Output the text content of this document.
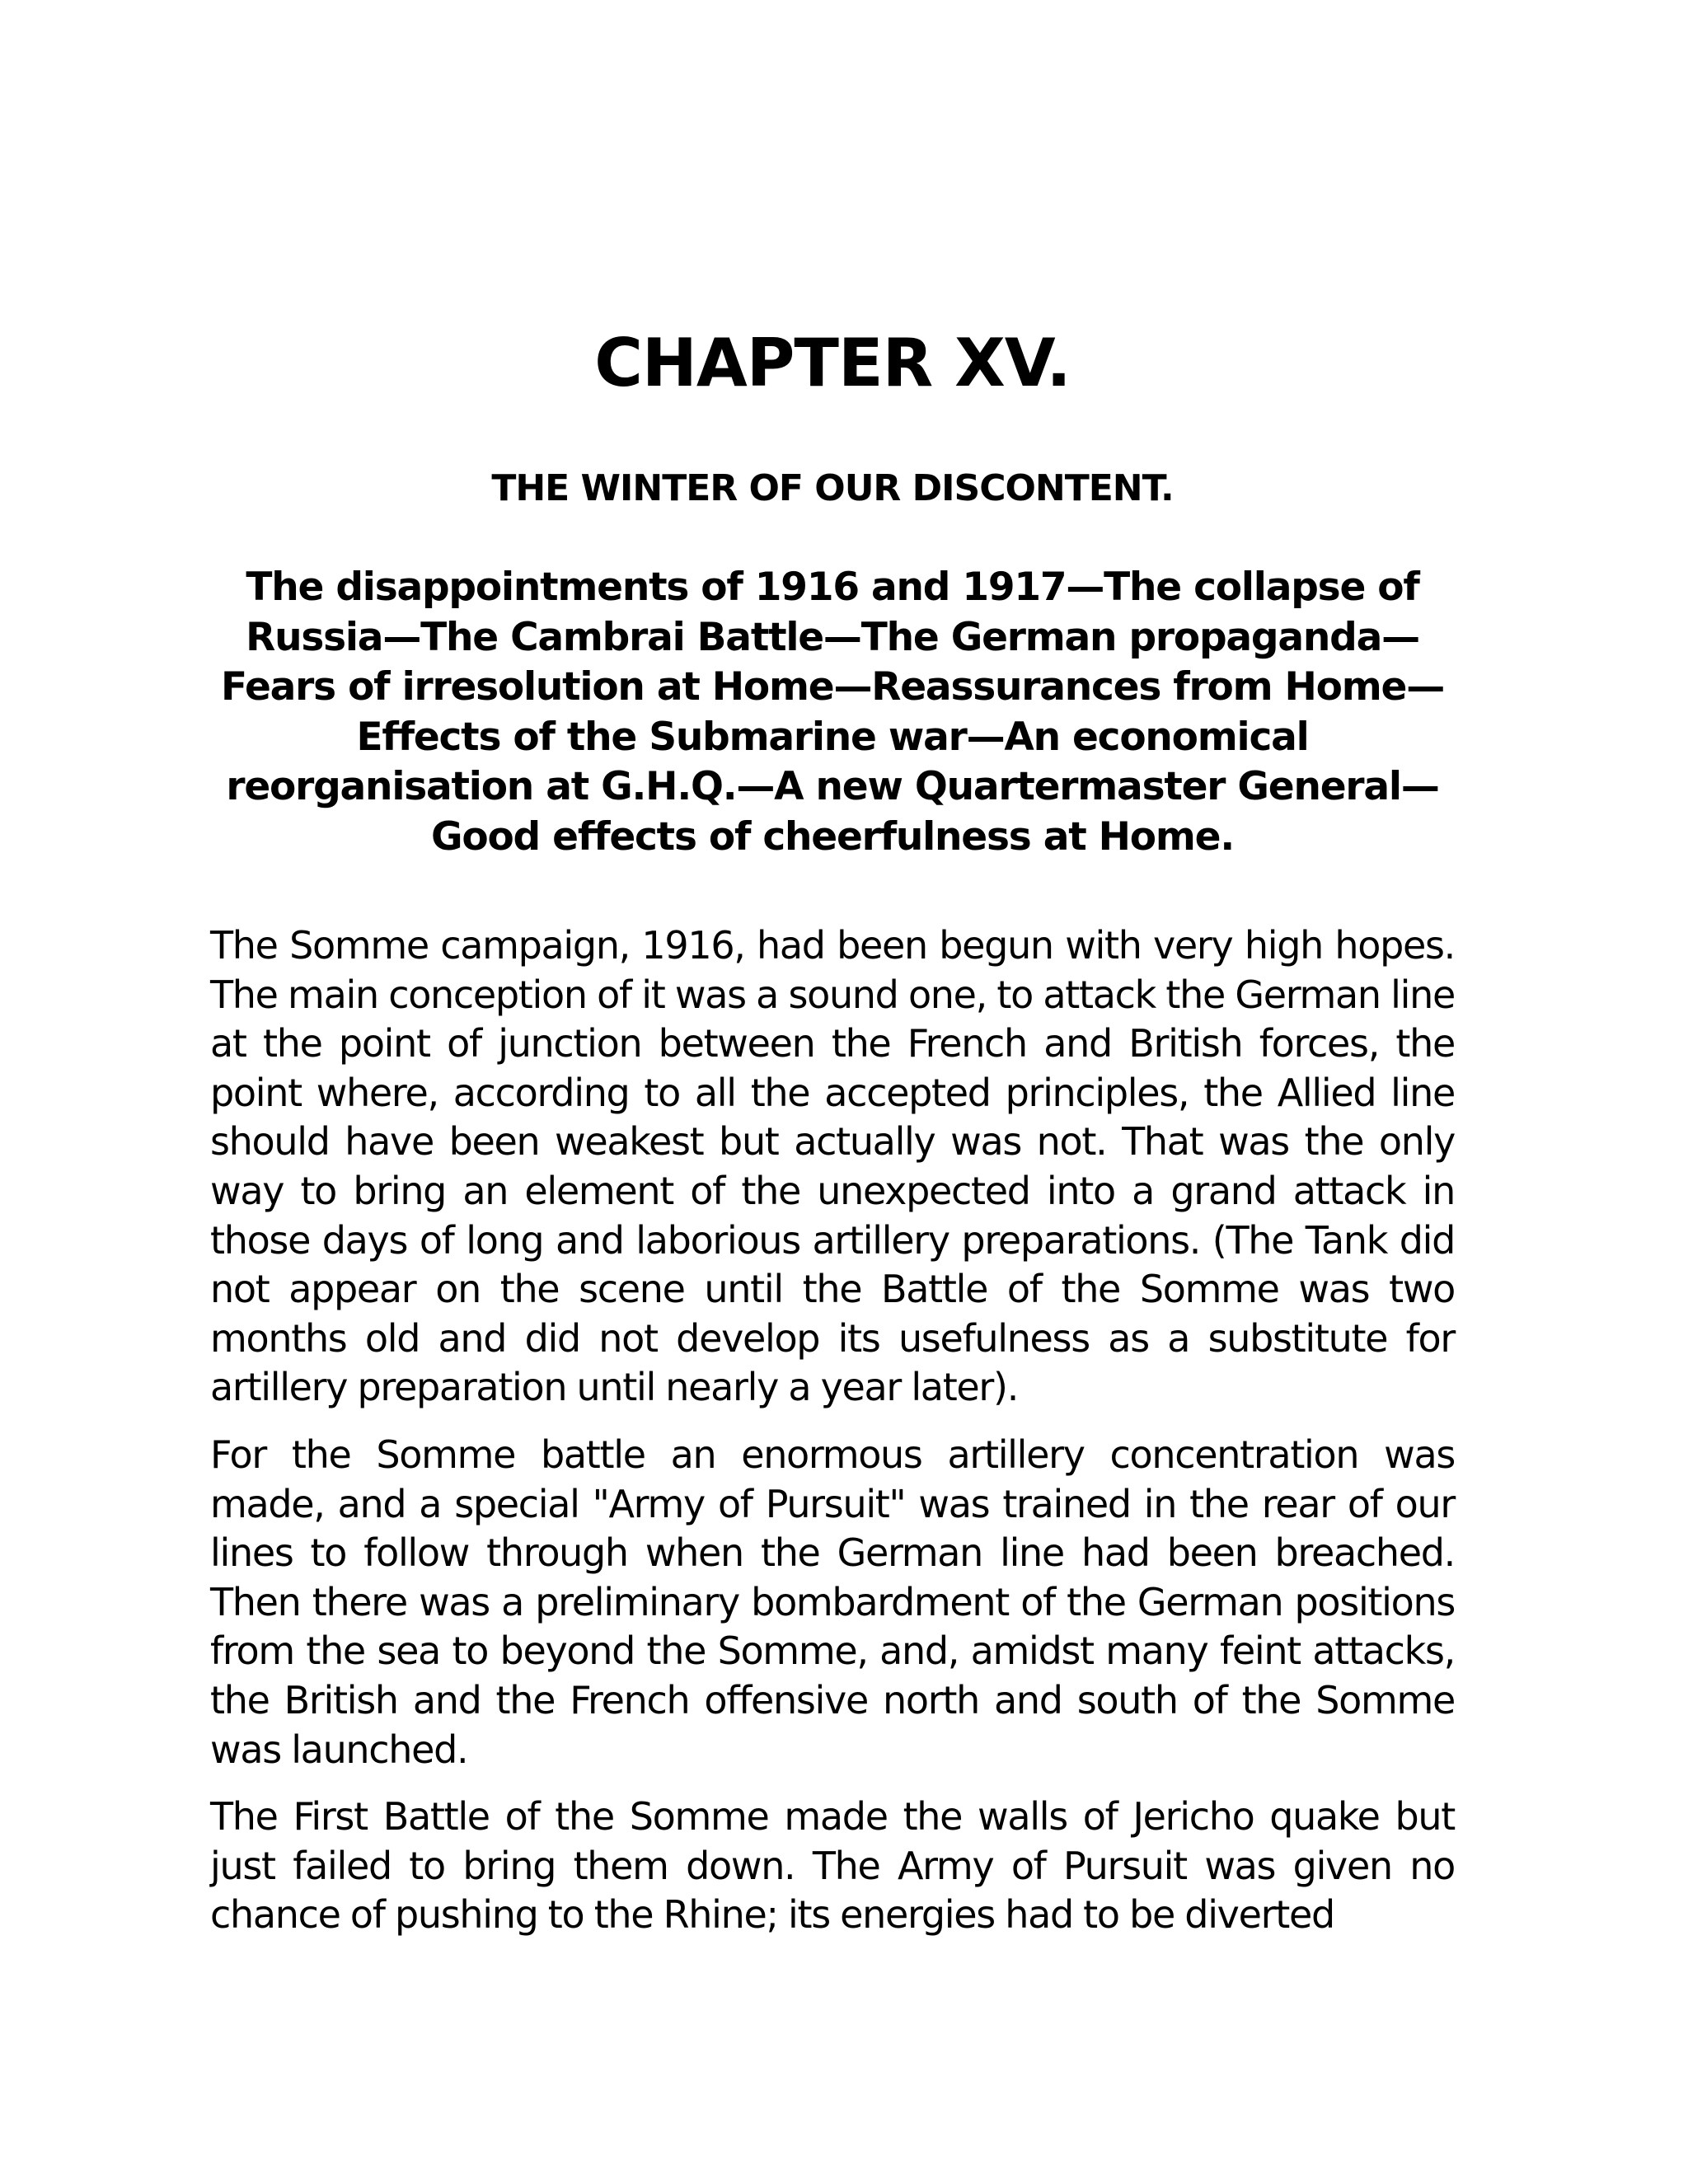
CHAPTER XV.
THE WINTER OF OUR DISCONTENT.

The disappointments of 1916 and 1917—The collapse of Russia—The Cambrai Battle—The German propaganda—Fears of irresolution at Home—Reassurances from Home—Effects of the Submarine war—An economical reorganisation at G.H.Q.—A new Quartermaster General—Good effects of cheerfulness at Home.

The Somme campaign, 1916, had been begun with very high hopes. The main conception of it was a sound one, to attack the German line at the point of junction between the French and British forces, the point where, according to all the accepted principles, the Allied line should have been weakest but actually was not. That was the only way to bring an element of the unexpected into a grand attack in those days of long and laborious artillery preparations. (The Tank did not appear on the scene until the Battle of the Somme was two months old and did not develop its usefulness as a substitute for artillery preparation until nearly a year later).

For the Somme battle an enormous artillery concentration was made, and a special "Army of Pursuit" was trained in the rear of our lines to follow through when the German line had been breached. Then there was a preliminary bombardment of the German positions from the sea to beyond the Somme, and, amidst many feint attacks, the British and the French offensive north and south of the Somme was launched.

The First Battle of the Somme made the walls of Jericho quake but just failed to bring them down. The Army of Pursuit was given no chance of pushing to the Rhine; its energies had to be diverted
